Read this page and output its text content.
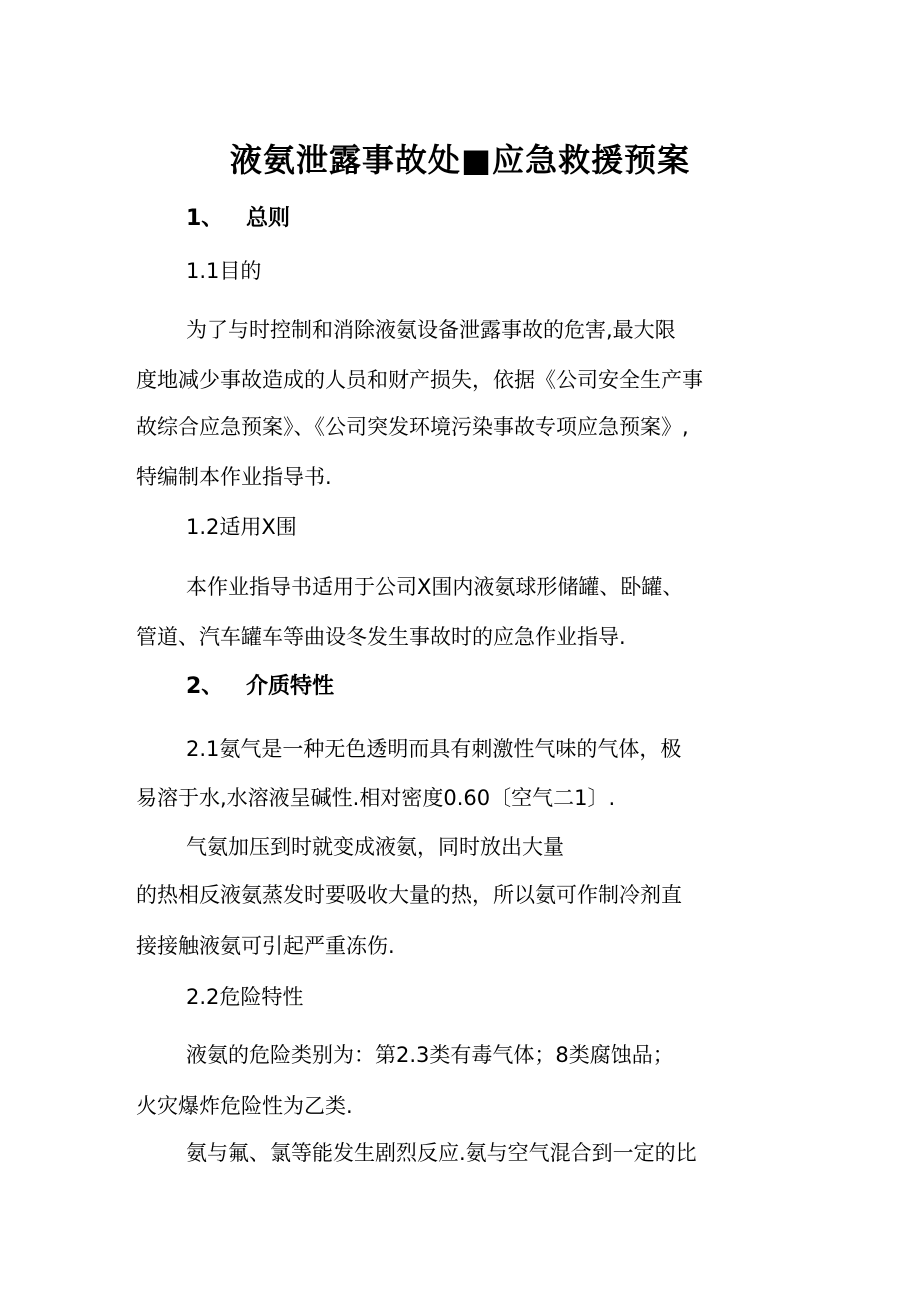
液氨泄露事故处■应急救援预案
1、 总则
1.1目的
为了与时控制和消除液氨设备泄露事故的危害,最大限
度地减少事故造成的人员和财产损失，依据《公司安全生产事
故综合应急预案》、《公司突发环境污染事故专项应急预案》,
特编制本作业指导书.
1.2适用X围
本作业指导书适用于公司X围内液氨球形储罐、卧罐、
管道、汽车罐车等曲设冬发生事故时的应急作业指导.
2、 介质特性
2.1氨气是一种无色透明而具有刺激性气味的气体，极
易溶于水,水溶液呈碱性.相对密度0.60〔空气二1〕.
气氨加压到时就变成液氨，同时放出大量
的热相反液氨蒸发时要吸收大量的热，所以氨可作制冷剂直
接接触液氨可引起严重冻伤.
2.2危险特性
液氨的危险类别为：第2.3类有毒气体；8类腐蚀品；
火灾爆炸危险性为乙类.
氨与氟、氯等能发生剧烈反应.氨与空气混合到一定的比
